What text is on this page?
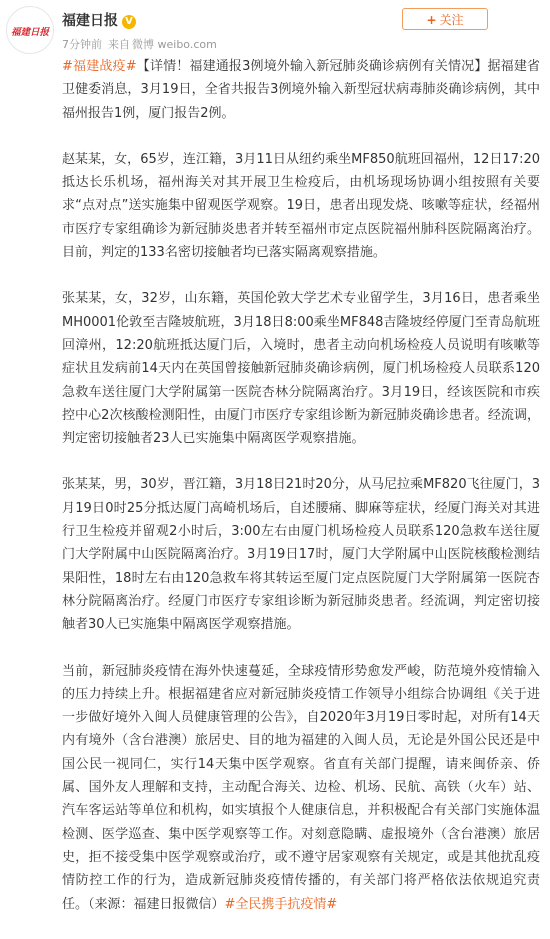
福建日报
福建日报 V
7分钟前 来自 微博 weibo.com
+ 关注

#福建战疫#【详情！福建通报3例境外输入新冠肺炎确诊病例有关情况】据福建省卫健委消息，3月19日，全省共报告3例境外输入新型冠状病毒肺炎确诊病例，其中福州报告1例，厦门报告2例。

赵某某，女，65岁，连江籍，3月11日从纽约乘坐MF850航班回福州，12日17:20抵达长乐机场，福州海关对其开展卫生检疫后，由机场现场协调小组按照有关要求“点对点”送实施集中留观医学观察。19日，患者出现发烧、咳嗽等症状，经福州市医疗专家组确诊为新冠肺炎患者并转至福州市定点医院福州肺科医院隔离治疗。目前，判定的133名密切接触者均已落实隔离观察措施。

张某某，女，32岁，山东籍，英国伦敦大学艺术专业留学生，3月16日，患者乘坐MH0001伦敦至吉隆坡航班，3月18日8:00乘坐MF848吉隆坡经停厦门至青岛航班回漳州，12:20航班抵达厦门后，入境时，患者主动向机场检疫人员说明有咳嗽等症状且发病前14天内在英国曾接触新冠肺炎确诊病例，厦门机场检疫人员联系120急救车送往厦门大学附属第一医院杏林分院隔离治疗。3月19日，经该医院和市疾控中心2次核酸检测阳性，由厦门市医疗专家组诊断为新冠肺炎确诊患者。经流调，判定密切接触者23人已实施集中隔离医学观察措施。

张某某，男，30岁，晋江籍，3月18日21时20分，从马尼拉乘MF820飞往厦门，3月19日0时25分抵达厦门高崎机场后，自述腰痛、脚麻等症状，经厦门海关对其进行卫生检疫并留观2小时后，3:00左右由厦门机场检疫人员联系120急救车送往厦门大学附属中山医院隔离治疗。3月19日17时，厦门大学附属中山医院核酸检测结果阳性，18时左右由120急救车将其转运至厦门定点医院厦门大学附属第一医院杏林分院隔离治疗。经厦门市医疗专家组诊断为新冠肺炎患者。经流调，判定密切接触者30人已实施集中隔离医学观察措施。

当前，新冠肺炎疫情在海外快速蔓延，全球疫情形势愈发严峻，防范境外疫情输入的压力持续上升。根据福建省应对新冠肺炎疫情工作领导小组综合协调组《关于进一步做好境外入闽人员健康管理的公告》，自2020年3月19日零时起，对所有14天内有境外（含台港澳）旅居史、目的地为福建的入闽人员，无论是外国公民还是中国公民一视同仁，实行14天集中医学观察。省直有关部门提醒，请来闽侨亲、侨属、国外友人理解和支持，主动配合海关、边检、机场、民航、高铁（火车）站、汽车客运站等单位和机构，如实填报个人健康信息，并积极配合有关部门实施体温检测、医学巡查、集中医学观察等工作。对刻意隐瞒、虚报境外（含台港澳）旅居史，拒不接受集中医学观察或治疗，或不遵守居家观察有关规定，或是其他扰乱疫情防控工作的行为，造成新冠肺炎疫情传播的，有关部门将严格依法依规追究责任。（来源：福建日报微信）#全民携手抗疫情#
